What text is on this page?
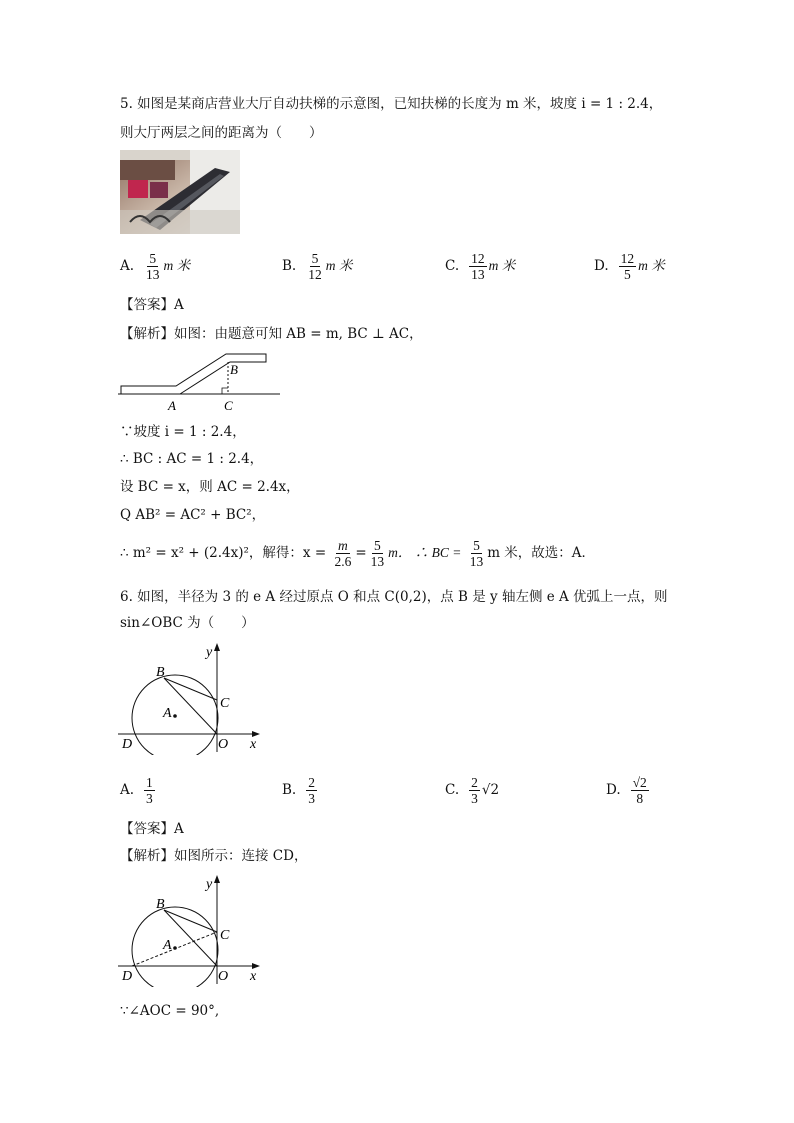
5. 如图是某商店营业大厅自动扶梯的示意图，已知扶梯的长度为 m 米，坡度 i = 1 : 2.4，
则大厅两层之间的距离为（　　）
A. $\frac{5}{13}$ m 米	B. $\frac{5}{12}$ m 米	C. $\frac{12}{13}$ m 米	D. $\frac{12}{5}$ m 米
【答案】A
【解析】如图：由题意可知 AB = m, BC ⊥ AC，
B
A	C
∵坡度 i = 1 : 2.4，
∴ BC : AC = 1 : 2.4，
设 BC = x，则 AC = 2.4x，
Q AB² = AC² + BC²，
∴ m² = x² + (2.4x)²，解得：$x = \frac{m}{2.6} = \frac{5}{13}$ m． ∴ BC = $\frac{5}{13}$ m 米，故选：A．
6. 如图，半径为 3 的 e A 经过原点 O 和点 C(0,2)，点 B 是 y 轴左侧 e A 优弧上一点，则
sin∠OBC 为（　　）
y
x
B
C
A
D	O
A. $\frac{1}{3}$	B. $\frac{2}{3}$	C. $\frac{2}{3} √2$	D. $\frac{√2}{8}$
【答案】A
【解析】如图所示：连接 CD，
y
x
B
C
A
D	O
∵∠AOC = 90°,
